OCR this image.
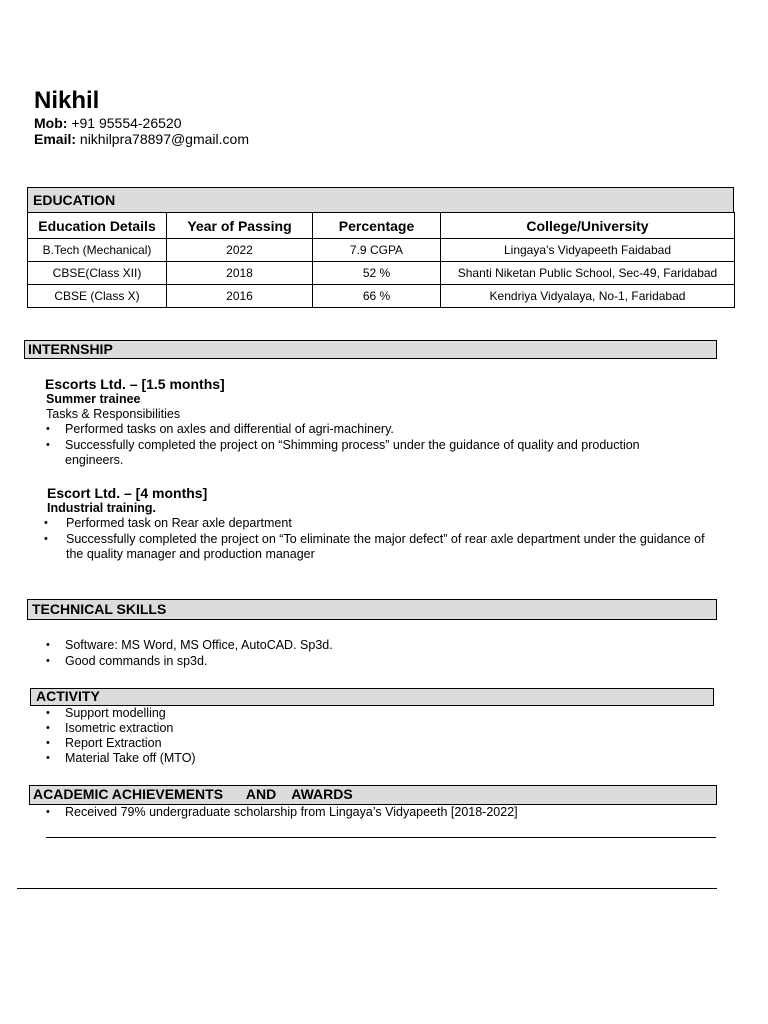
Nikhil
Mob: +91 95554-26520
Email: nikhilpra78897@gmail.com
EDUCATION
Education Details	Year of Passing	Percentage	College/University
B.Tech (Mechanical)	2022	7.9 CGPA	Lingaya’s Vidyapeeth Faidabad
CBSE(Class XII)	2018	52 %	Shanti Niketan Public School, Sec-49, Faridabad
CBSE (Class X)	2016	66 %	Kendriya Vidyalaya, No-1, Faridabad
INTERNSHIP
Escorts Ltd. – [1.5 months]
Summer trainee
Tasks & Responsibilities
• Performed tasks on axles and differential of agri-machinery.
• Successfully completed the project on “Shimming process” under the guidance of quality and production engineers.
Escort Ltd. – [4 months]
Industrial training.
• Performed task on Rear axle department
• Successfully completed the project on “To eliminate the major defect” of rear axle department under the guidance of the quality manager and production manager
TECHNICAL SKILLS
• Software: MS Word, MS Office, AutoCAD. Sp3d.
• Good commands in sp3d.
ACTIVITY
• Support modelling
• Isometric extraction
• Report Extraction
• Material Take off (MTO)
ACADEMIC ACHIEVEMENTS      AND    AWARDS
• Received 79% undergraduate scholarship from Lingaya’s Vidyapeeth [2018-2022]
